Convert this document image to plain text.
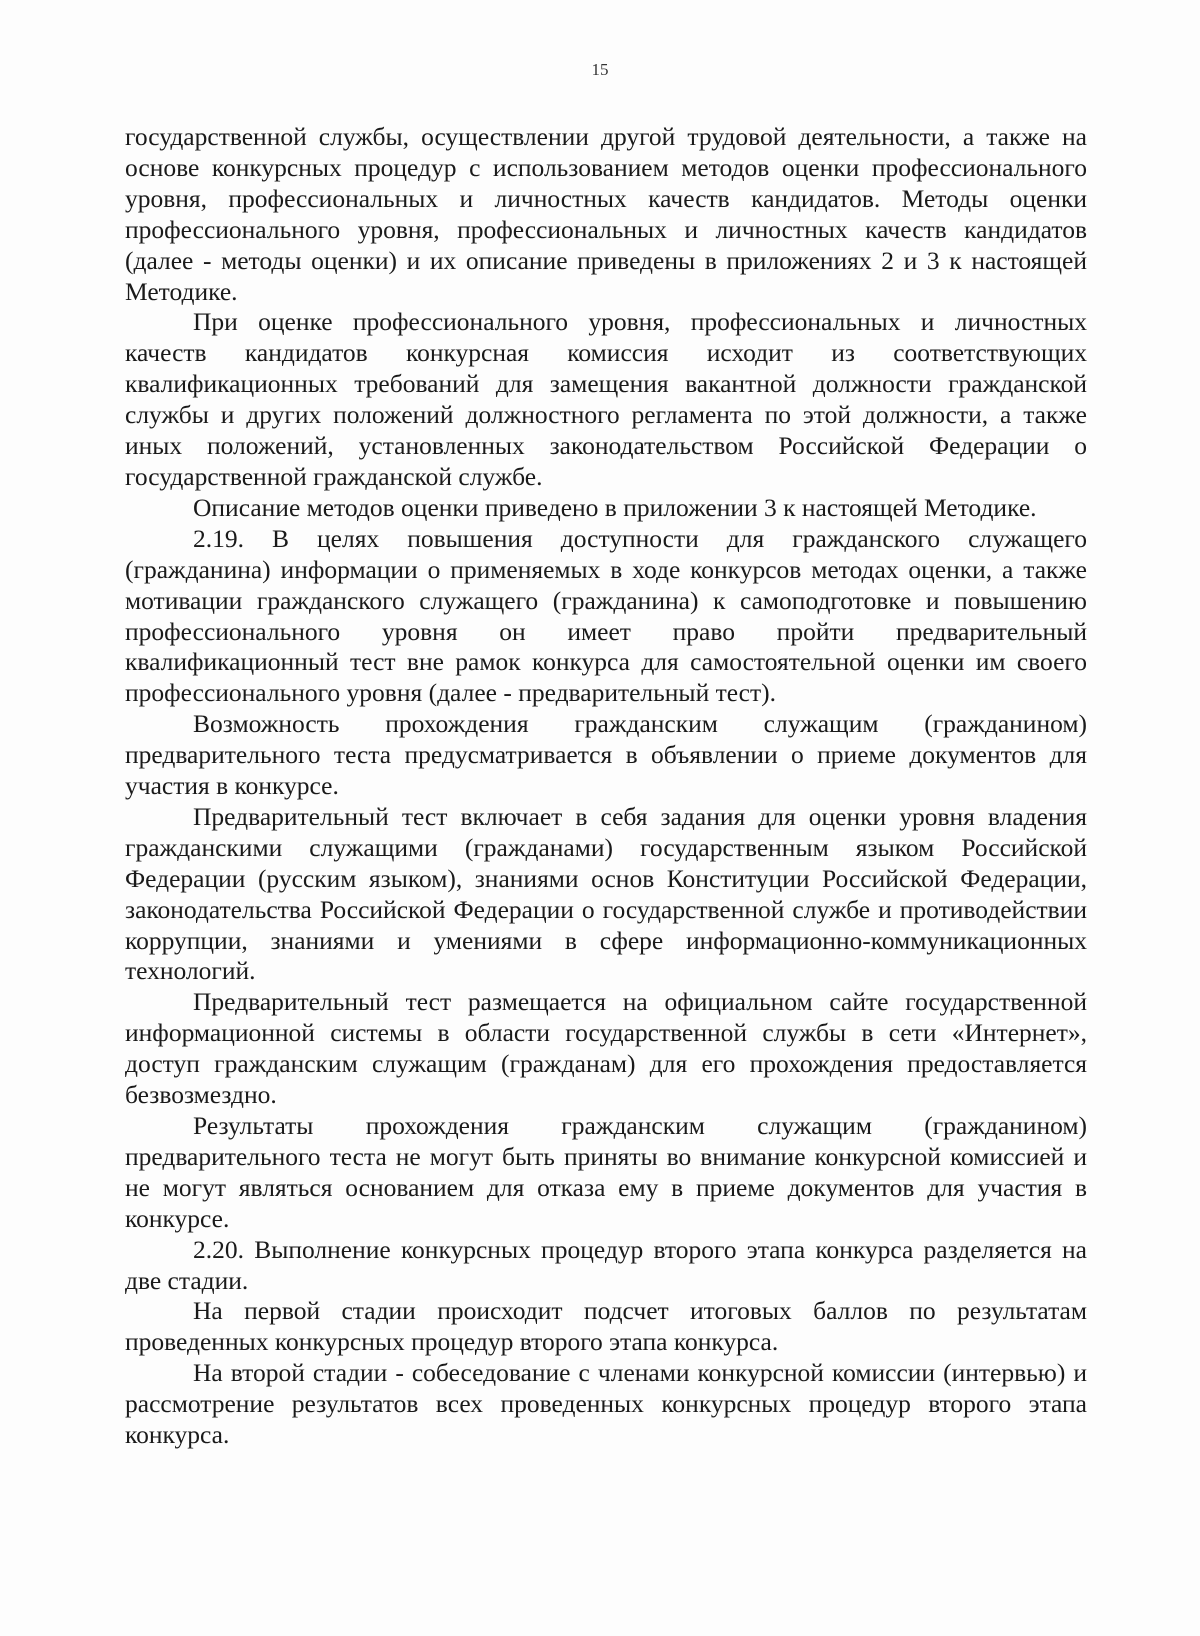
15

государственной службы, осуществлении другой трудовой деятельности, а также на основе конкурсных процедур с использованием методов оценки профессионального уровня, профессиональных и личностных качеств кандидатов. Методы оценки профессионального уровня, профессиональных и личностных качеств кандидатов (далее - методы оценки) и их описание приведены в приложениях 2 и 3 к настоящей Методике.

При оценке профессионального уровня, профессиональных и личностных качеств кандидатов конкурсная комиссия исходит из соответствующих квалификационных требований для замещения вакантной должности гражданской службы и других положений должностного регламента по этой должности, а также иных положений, установленных законодательством Российской Федерации о государственной гражданской службе.

Описание методов оценки приведено в приложении 3 к настоящей Методике.

2.19. В целях повышения доступности для гражданского служащего (гражданина) информации о применяемых в ходе конкурсов методах оценки, а также мотивации гражданского служащего (гражданина) к самоподготовке и повышению профессионального уровня он имеет право пройти предварительный квалификационный тест вне рамок конкурса для самостоятельной оценки им своего профессионального уровня (далее - предварительный тест).

Возможность прохождения гражданским служащим (гражданином) предварительного теста предусматривается в объявлении о приеме документов для участия в конкурсе.

Предварительный тест включает в себя задания для оценки уровня владения гражданскими служащими (гражданами) государственным языком Российской Федерации (русским языком), знаниями основ Конституции Российской Федерации, законодательства Российской Федерации о государственной службе и противодействии коррупции, знаниями и умениями в сфере информационно-коммуникационных технологий.

Предварительный тест размещается на официальном сайте государственной информационной системы в области государственной службы в сети «Интернет», доступ гражданским служащим (гражданам) для его прохождения предоставляется безвозмездно.

Результаты прохождения гражданским служащим (гражданином) предварительного теста не могут быть приняты во внимание конкурсной комиссией и не могут являться основанием для отказа ему в приеме документов для участия в конкурсе.

2.20. Выполнение конкурсных процедур второго этапа конкурса разделяется на две стадии.

На первой стадии происходит подсчет итоговых баллов по результатам проведенных конкурсных процедур второго этапа конкурса.

На второй стадии - собеседование с членами конкурсной комиссии (интервью) и рассмотрение результатов всех проведенных конкурсных процедур второго этапа конкурса.
